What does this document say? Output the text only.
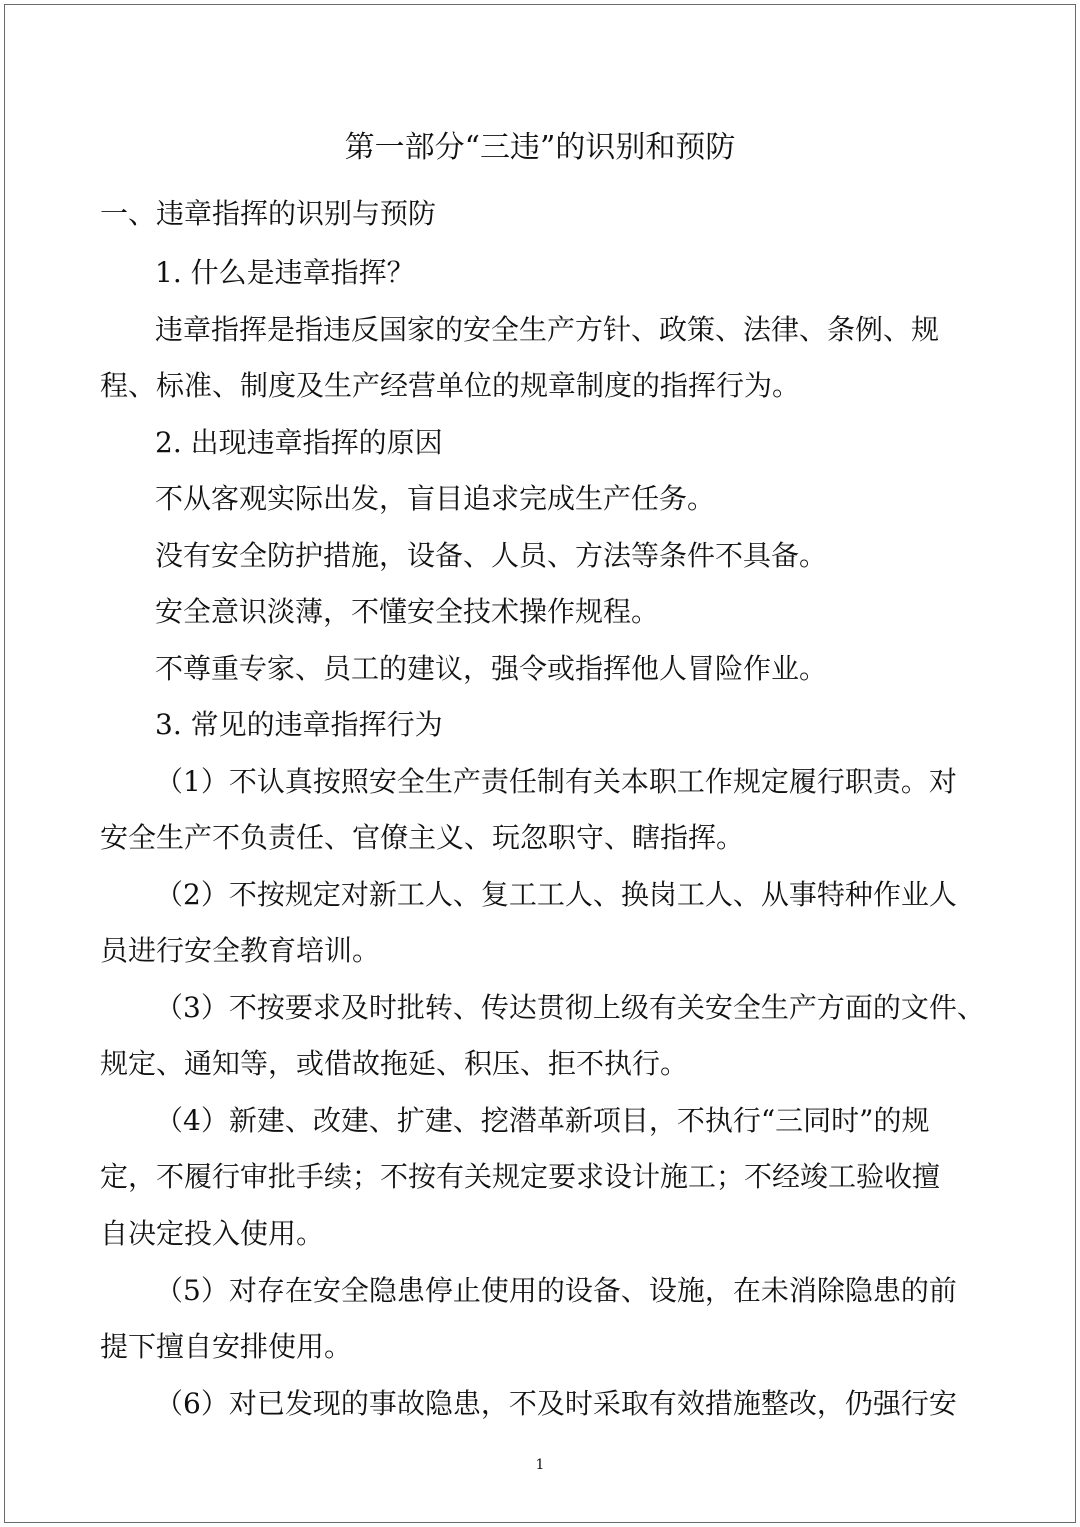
第一部分“三违”的识别和预防
一、违章指挥的识别与预防
1. 什么是违章指挥？
违章指挥是指违反国家的安全生产方针、政策、法律、条例、规
程、标准、制度及生产经营单位的规章制度的指挥行为。
2. 出现违章指挥的原因
不从客观实际出发，盲目追求完成生产任务。
没有安全防护措施，设备、人员、方法等条件不具备。
安全意识淡薄，不懂安全技术操作规程。
不尊重专家、员工的建议，强令或指挥他人冒险作业。
3. 常见的违章指挥行为
（1）不认真按照安全生产责任制有关本职工作规定履行职责。对
安全生产不负责任、官僚主义、玩忽职守、瞎指挥。
（2）不按规定对新工人、复工工人、换岗工人、从事特种作业人
员进行安全教育培训。
（3）不按要求及时批转、传达贯彻上级有关安全生产方面的文件、
规定、通知等，或借故拖延、积压、拒不执行。
（4）新建、改建、扩建、挖潜革新项目，不执行“三同时”的规
定，不履行审批手续；不按有关规定要求设计施工；不经竣工验收擅
自决定投入使用。
（5）对存在安全隐患停止使用的设备、设施，在未消除隐患的前
提下擅自安排使用。
（6）对已发现的事故隐患，不及时采取有效措施整改，仍强行安
1
